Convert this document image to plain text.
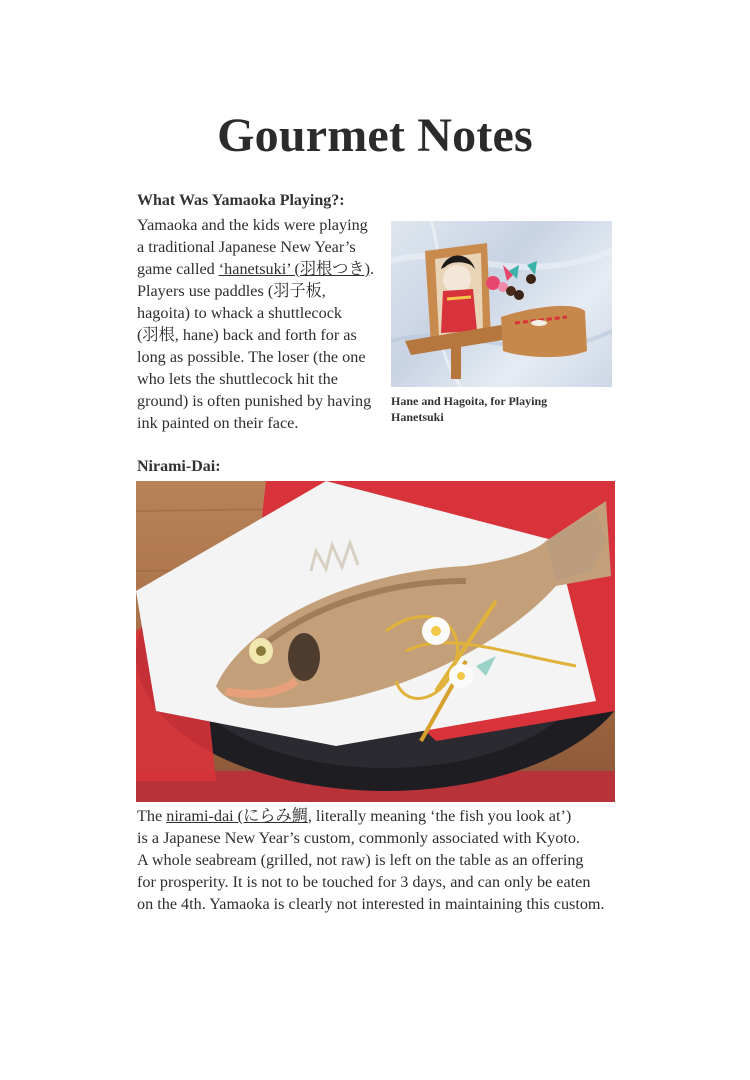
Gourmet Notes
What Was Yamaoka Playing?:
Yamaoka and the kids were playing
a traditional Japanese New Year’s
game called ‘hanetsuki’ (羽根つき).
Players use paddles (羽子板,
hagoita) to whack a shuttlecock
(羽根, hane) back and forth for as
long as possible. The loser (the one
who lets the shuttlecock hit the
ground) is often punished by having
ink painted on their face.
Hane and Hagoita, for Playing
Hanetsuki
Nirami-Dai:
The nirami-dai (にらみ鯛, literally meaning ‘the fish you look at’)
is a Japanese New Year’s custom, commonly associated with Kyoto.
A whole seabream (grilled, not raw) is left on the table as an offering
for prosperity. It is not to be touched for 3 days, and can only be eaten
on the 4th. Yamaoka is clearly not interested in maintaining this custom.
